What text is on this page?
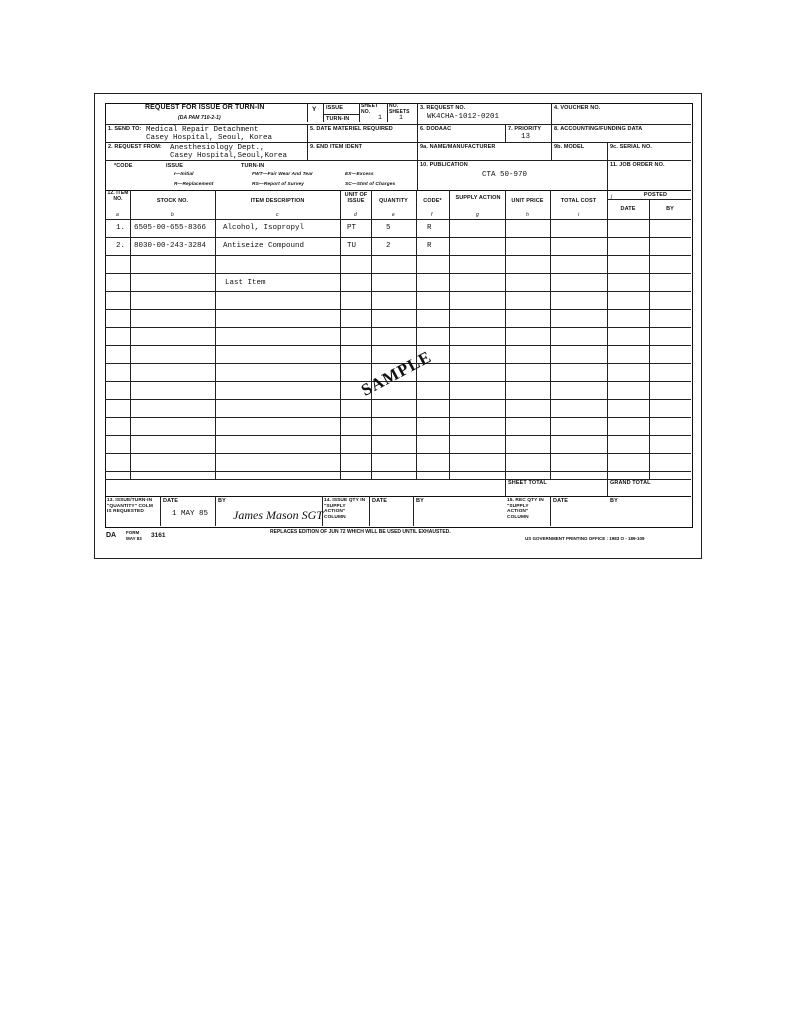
REQUEST FOR ISSUE OR TURN-IN
(DA PAM 710-2-1)
Y ISSUE
TURN-IN
SHEET NO.
1
NO. SHEETS
1
3. REQUEST NO.
WK4CHA-1012-0201
4. VOUCHER NO.
1. SEND TO: Medical Repair Detachment
Casey Hospital, Seoul, Korea
5. DATE MATERIEL REQUIRED	6. DODAAC	7. PRIORITY
13
8. ACCOUNTING/FUNDING DATA
2. REQUEST FROM: Anesthesiology Dept.,
Casey Hospital,Seoul,Korea
9. END ITEM IDENT	9a. NAME/MANUFACTURER	9b. MODEL	9c. SERIAL NO.
*CODE	ISSUE	TURN-IN
I—Initial
R—Replacement
FWT—Fair Wear And Tear
RS—Report of Survey
EX—Excess
SC—Stmt of Charges
10. PUBLICATION
CTA 50-970
11. JOB ORDER NO.
12. ITEM NO.	STOCK NO.	ITEM DESCRIPTION
UNIT OF ISSUE	QUANTITY	CODE*	SUPPLY ACTION	UNIT PRICE	TOTAL COST
POSTED
DATE	BY
a	b	c	d	e	f	g	h	i
j
1. 6505-00-655-8366 Alcohol, Isopropyl	PT	5	R
2. 8030-00-243-3284 Antiseize Compound	TU	2	R
Last Item
SAMPLE
SHEET TOTAL	GRAND TOTAL
13. ISSUE/TURN-IN "QUANTITY" COLM IS REQUESTED
DATE
1 MAY 85
BY
James Mason SGT
14. ISSUE QTY IN "SUPPLY ACTION" COLUMN
DATE	BY	15. REC QTY IN "SUPPLY ACTION" COLUMN
DATE	BY
DA FORM
MAY 83 3161	REPLACES EDITION OF JUN 72 WHICH WILL BE USED UNTIL EXHAUSTED.
US GOVERNMENT PRINTING OFFICE : 1983 O - 189-109
